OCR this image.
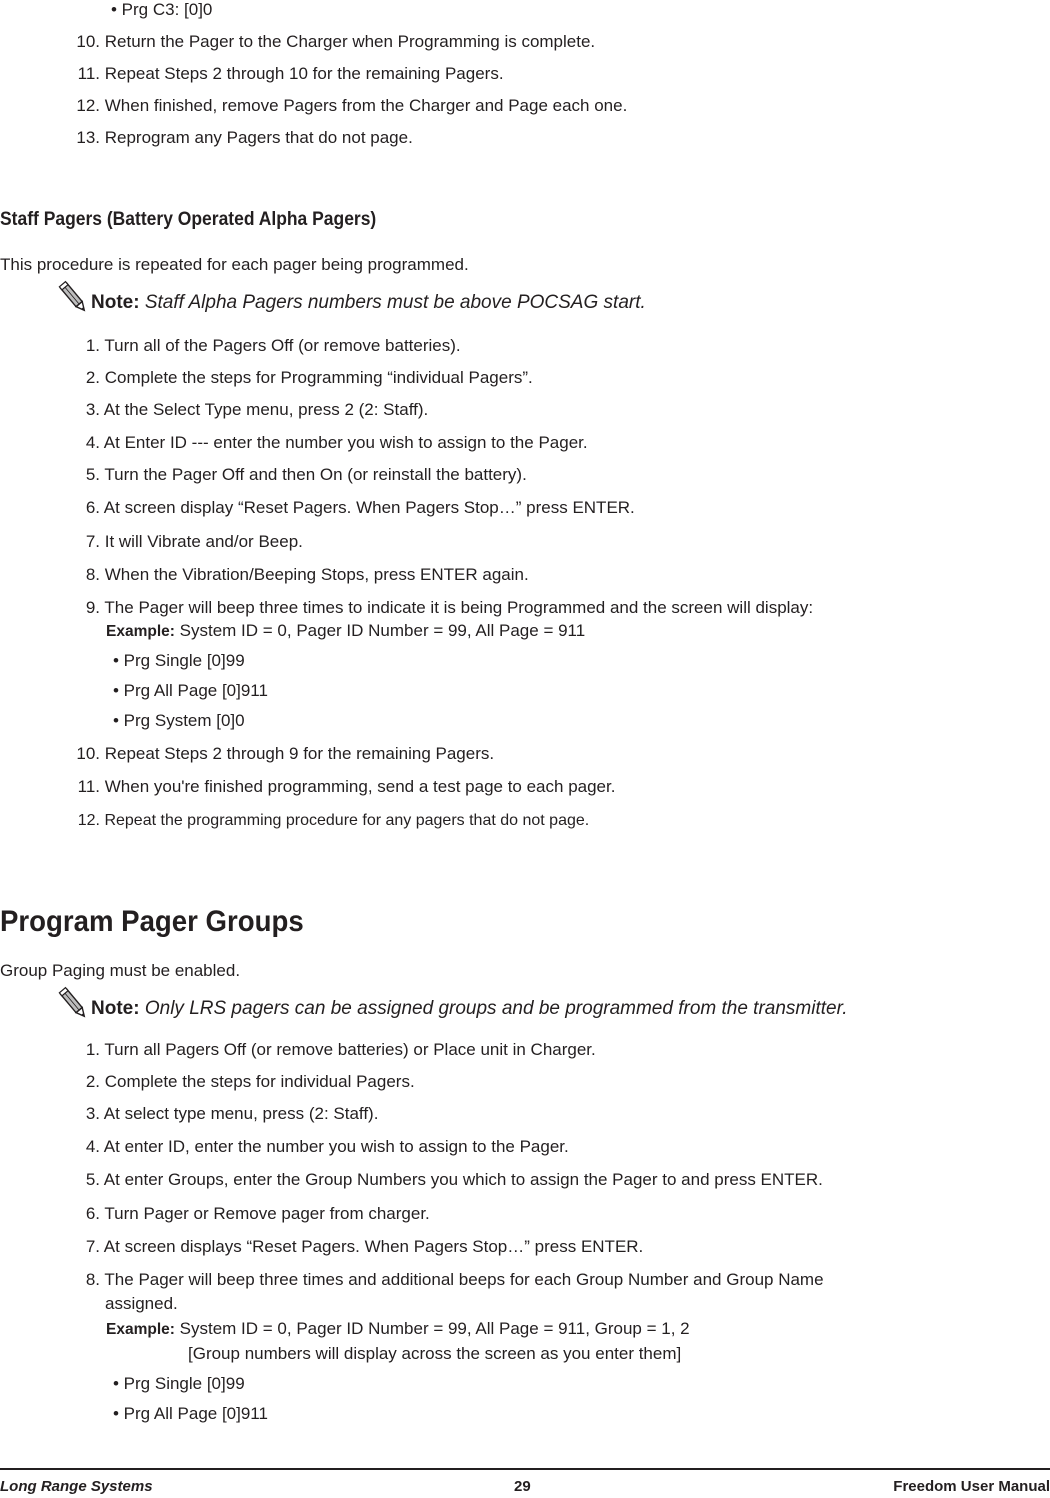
• Prg C3: [0]0
10. Return the Pager to the Charger when Programming is complete.
11. Repeat Steps 2 through 10 for the remaining Pagers.
12. When finished, remove Pagers from the Charger and Page each one.
13. Reprogram any Pagers that do not page.
Staff Pagers (Battery Operated Alpha Pagers)
This procedure is repeated for each pager being programmed.
Note: Staff Alpha Pagers numbers must be above POCSAG start.
1. Turn all of the Pagers Off (or remove batteries).
2. Complete the steps for Programming “individual Pagers”.
3. At the Select Type menu, press 2 (2: Staff).
4. At Enter ID --- enter the number you wish to assign to the Pager.
5. Turn the Pager Off and then On (or reinstall the battery).
6. At screen display “Reset Pagers. When Pagers Stop…” press ENTER.
7. It will Vibrate and/or Beep.
8. When the Vibration/Beeping Stops, press ENTER again.
9. The Pager will beep three times to indicate it is being Programmed and the screen will display:
Example: System ID = 0, Pager ID Number = 99, All Page = 911
• Prg Single [0]99
• Prg All Page [0]911
• Prg System [0]0
10. Repeat Steps 2 through 9 for the remaining Pagers.
11. When you're finished programming, send a test page to each pager.
12. Repeat the programming procedure for any pagers that do not page.
Program Pager Groups
Group Paging must be enabled.
Note: Only LRS pagers can be assigned groups and be programmed from the transmitter.
1. Turn all Pagers Off (or remove batteries) or Place unit in Charger.
2. Complete the steps for individual Pagers.
3. At select type menu, press (2: Staff).
4. At enter ID, enter the number you wish to assign to the Pager.
5. At enter Groups, enter the Group Numbers you which to assign the Pager to and press ENTER.
6. Turn Pager or Remove pager from charger.
7. At screen displays “Reset Pagers. When Pagers Stop…” press ENTER.
8. The Pager will beep three times and additional beeps for each Group Number and Group Name
assigned.
Example: System ID = 0, Pager ID Number = 99, All Page = 911, Group = 1, 2
[Group numbers will display across the screen as you enter them]
• Prg Single [0]99
• Prg All Page [0]911
Long Range Systems	29	Freedom User Manual
